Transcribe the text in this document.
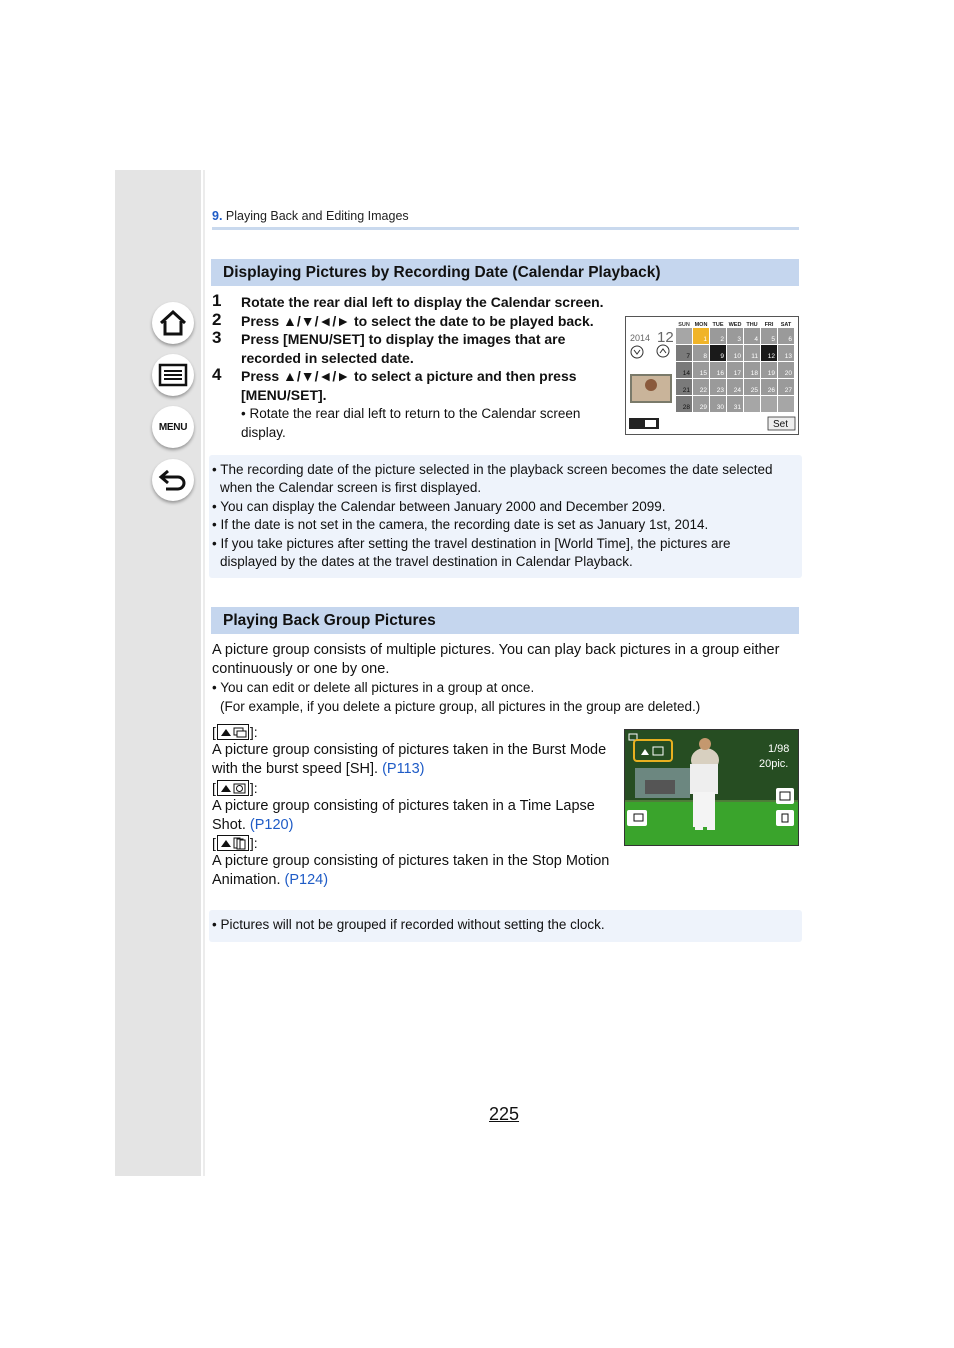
MENU
9. Playing Back and Editing Images
Displaying Pictures by Recording Date (Calendar Playback)
1 Rotate the rear dial left to display the Calendar screen.
2 Press ▲/▼/◄/► to select the date to be played back.
3 Press [MENU/SET] to display the images that are
recorded in selected date.
4 Press ▲/▼/◄/► to select a picture and then press
[MENU/SET].
• Rotate the rear dial left to return to the Calendar screen display.
2014 12
Set
SUN MON TUE WED THU FRI SAT
1 2 3 4 5 6
7 8 9 10 11 12 13
14 15 16 17 18 19 20
21 22 23 24 25 26 27
28 29 30 31
• The recording date of the picture selected in the playback screen becomes the date selected
when the Calendar screen is first displayed.
• You can display the Calendar between January 2000 and December 2099.
• If the date is not set in the camera, the recording date is set as January 1st, 2014.
• If you take pictures after setting the travel destination in [World Time], the pictures are
displayed by the dates at the travel destination in Calendar Playback.
Playing Back Group Pictures
A picture group consists of multiple pictures. You can play back pictures in a group either
continuously or one by one.
• You can edit or delete all pictures in a group at once.
(For example, if you delete a picture group, all pictures in the group are deleted.)
[ ]:
A picture group consisting of pictures taken in the Burst Mode
with the burst speed [SH]. (P113)
[ ]:
A picture group consisting of pictures taken in a Time Lapse
Shot. (P120)
[ ]:
A picture group consisting of pictures taken in the Stop Motion
Animation. (P124)
1/98
20pic.
• Pictures will not be grouped if recorded without setting the clock.
225
